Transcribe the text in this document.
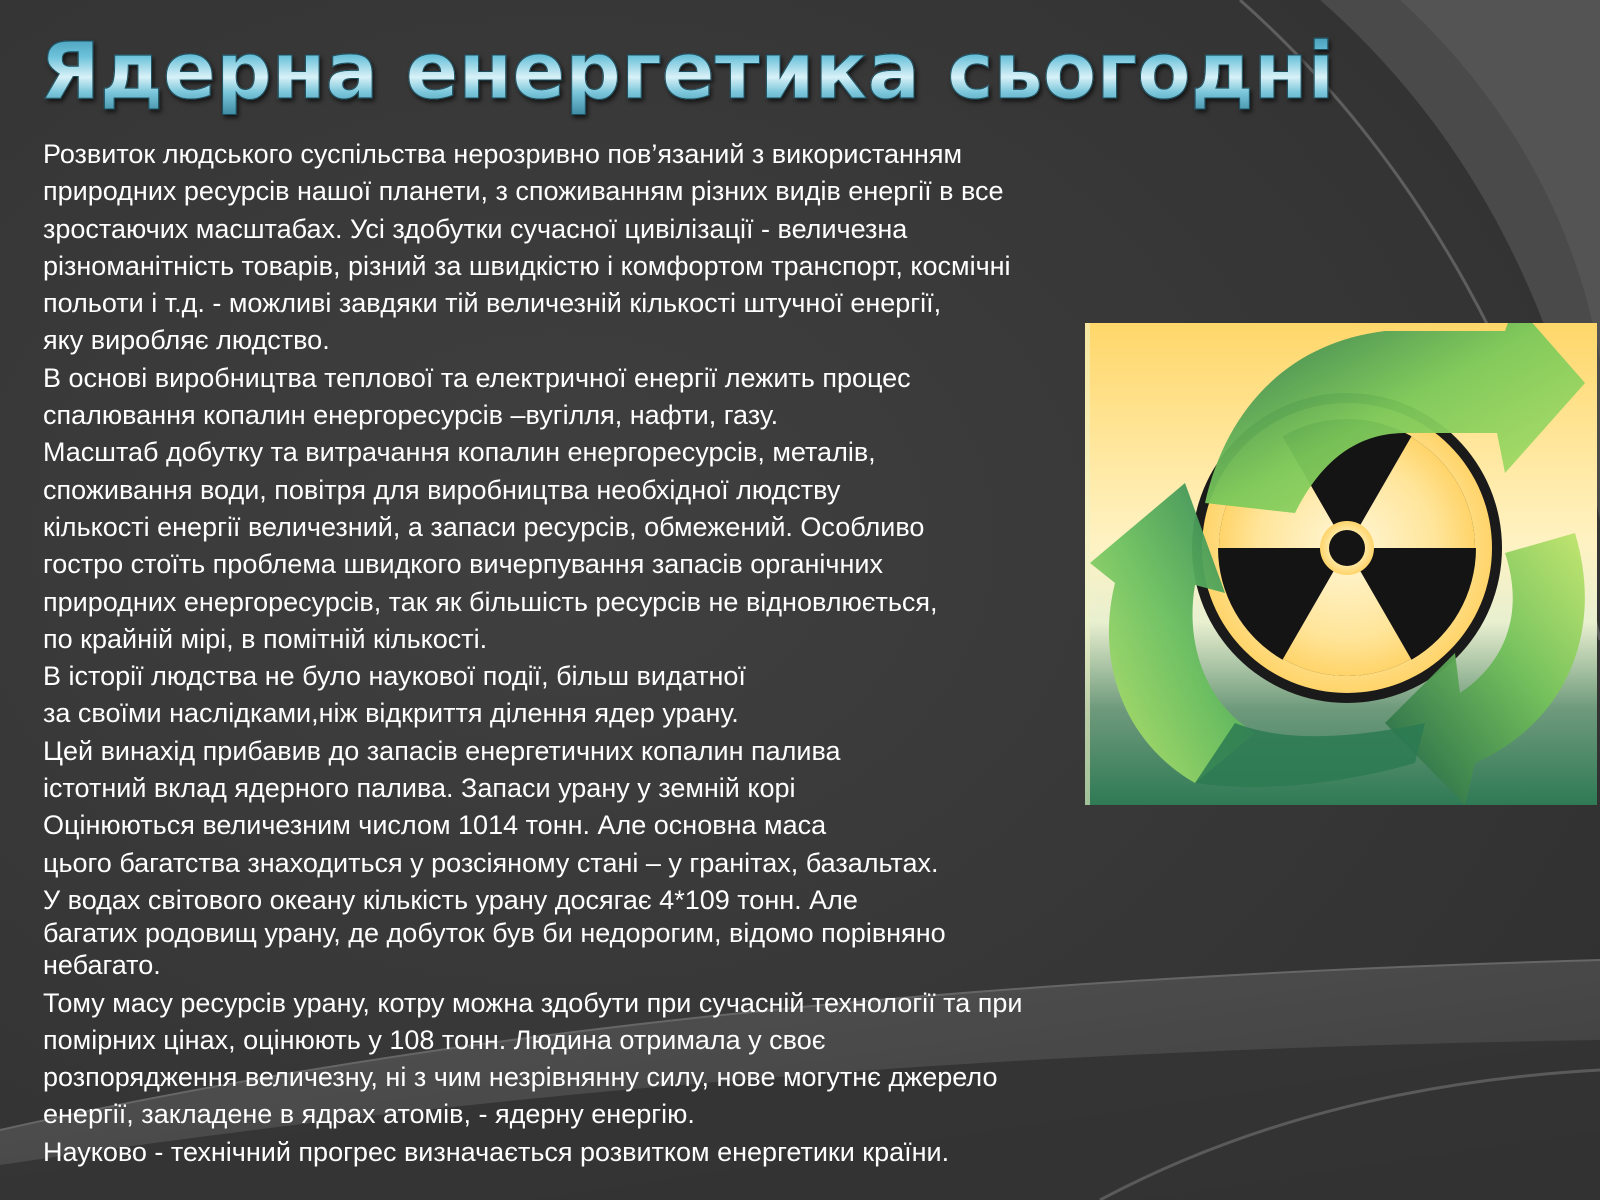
Ядерна енергетика сьогодні
Розвиток людського суспільства нерозривно пов’язаний з використанням
природних ресурсів нашої планети, з споживанням різних видів енергії в все
зростаючих масштабах. Усі здобутки сучасної цивілізації - величезна
різноманітність товарів, різний за швидкістю і комфортом транспорт, космічні
польоти і т.д. - можливі завдяки тій величезній кількості штучної енергії,
яку виробляє людство.
В основі виробництва теплової та електричної енергії лежить процес
спалювання копалин енергоресурсів –вугілля, нафти, газу.
Масштаб добутку та витрачання копалин енергоресурсів, металів,
споживання води, повітря для виробництва необхідної людству
кількості енергії величезний, а запаси ресурсів, обмежений. Особливо
гостро стоїть проблема швидкого вичерпування запасів органічних
природних енергоресурсів, так як більшість ресурсів не відновлюється,
по крайній мірі, в помітній кількості.
В історії людства не було наукової події, більш видатної
за своїми наслідками,ніж відкриття ділення ядер урану.
Цей винахід прибавив до запасів енергетичних копалин палива
істотний вклад ядерного палива. Запаси урану у земній корі
Оцінюються величезним числом 1014 тонн. Але основна маса
цього багатства знаходиться у розсіяному стані – у гранітах, базальтах.
У водах світового океану кількість урану досягає 4*109 тонн. Але
багатих родовищ урану, де добуток був би недорогим, відомо порівняно
небагато.
Тому масу ресурсів урану, котру можна здобути при сучасній технології та при
помірних цінах, оцінюють у 108 тонн. Людина отримала у своє
розпорядження величезну, ні з чим незрівнянну силу, нове могутнє джерело
енергії, закладене в ядрах атомів, - ядерну енергію.
Науково - технічний прогрес визначається розвитком енергетики країни.
